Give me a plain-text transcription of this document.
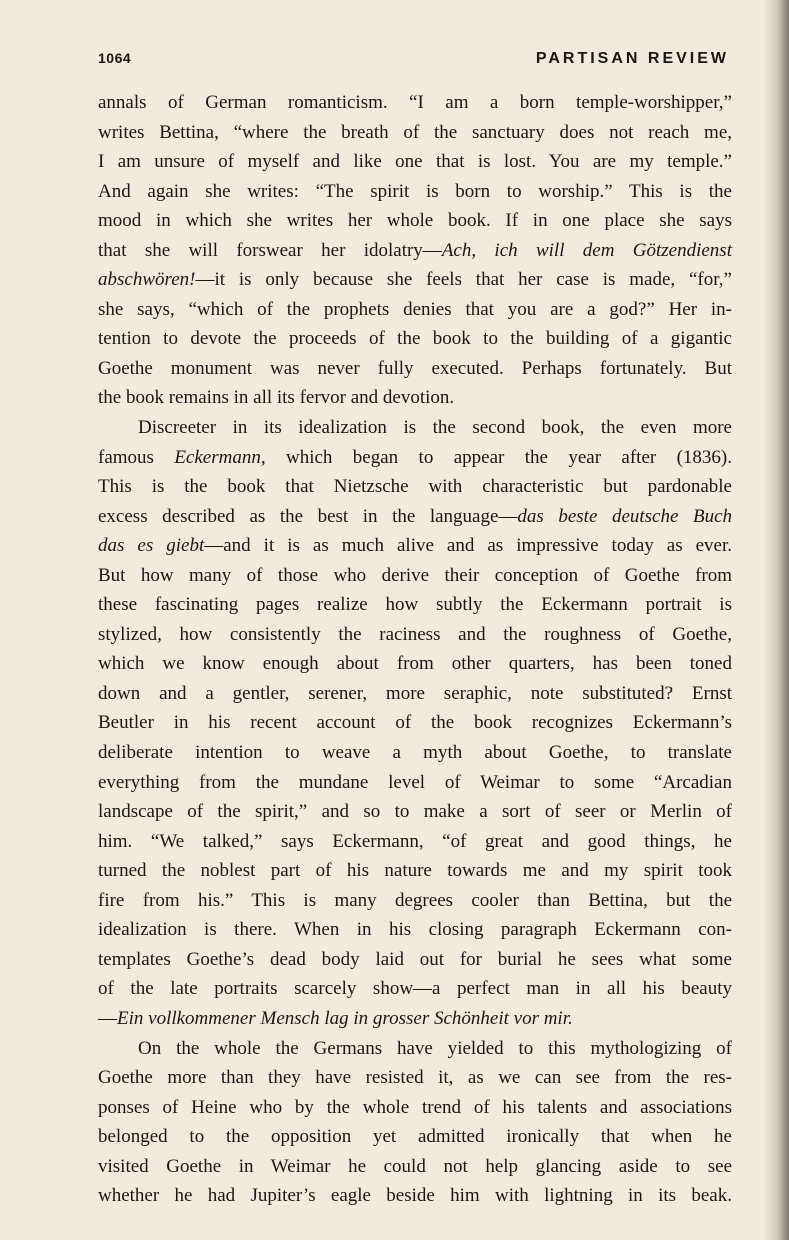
1064	PARTISAN REVIEW
annals of German romanticism. “I am a born temple-worshipper,”
writes Bettina, “where the breath of the sanctuary does not reach me,
I am unsure of myself and like one that is lost. You are my temple.”
And again she writes: “The spirit is born to worship.” This is the
mood in which she writes her whole book. If in one place she says
that she will forswear her idolatry—Ach, ich will dem Götzendienst
abschwören!—it is only because she feels that her case is made, “for,”
she says, “which of the prophets denies that you are a god?” Her in-
tention to devote the proceeds of the book to the building of a gigantic
Goethe monument was never fully executed. Perhaps fortunately. But
the book remains in all its fervor and devotion.
Discreeter in its idealization is the second book, the even more
famous Eckermann, which began to appear the year after (1836).
This is the book that Nietzsche with characteristic but pardonable
excess described as the best in the language—das beste deutsche Buch
das es giebt—and it is as much alive and as impressive today as ever.
But how many of those who derive their conception of Goethe from
these fascinating pages realize how subtly the Eckermann portrait is
stylized, how consistently the raciness and the roughness of Goethe,
which we know enough about from other quarters, has been toned
down and a gentler, serener, more seraphic, note substituted? Ernst
Beutler in his recent account of the book recognizes Eckermann’s
deliberate intention to weave a myth about Goethe, to translate
everything from the mundane level of Weimar to some “Arcadian
landscape of the spirit,” and so to make a sort of seer or Merlin of
him. “We talked,” says Eckermann, “of great and good things, he
turned the noblest part of his nature towards me and my spirit took
fire from his.” This is many degrees cooler than Bettina, but the
idealization is there. When in his closing paragraph Eckermann con-
templates Goethe’s dead body laid out for burial he sees what some
of the late portraits scarcely show—a perfect man in all his beauty
—Ein vollkommener Mensch lag in grosser Schönheit vor mir.
On the whole the Germans have yielded to this mythologizing of
Goethe more than they have resisted it, as we can see from the res-
ponses of Heine who by the whole trend of his talents and associations
belonged to the opposition yet admitted ironically that when he
visited Goethe in Weimar he could not help glancing aside to see
whether he had Jupiter’s eagle beside him with lightning in its beak.
